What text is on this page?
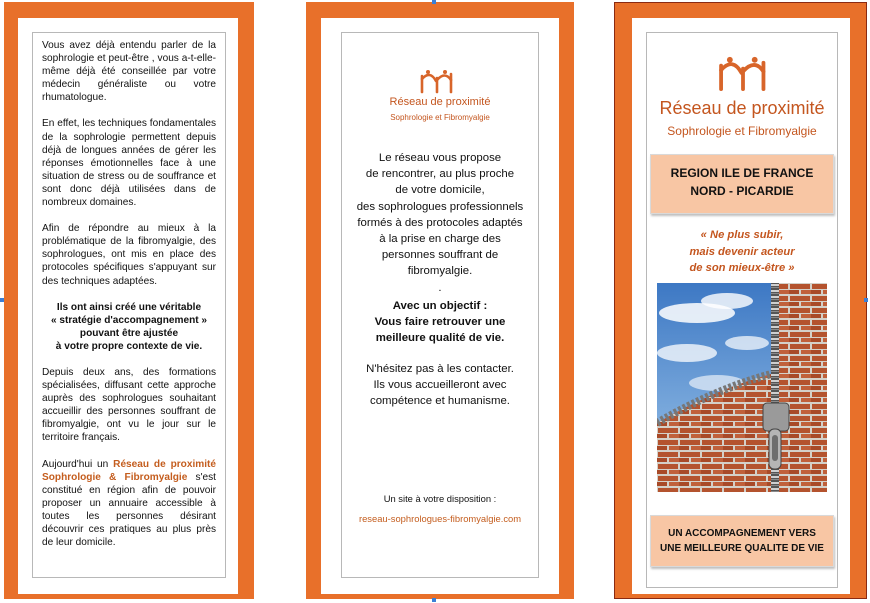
Vous avez déjà entendu parler de la sophrologie et peut-être , vous a-t-elle-même déjà été conseillée par votre médecin généraliste ou votre rhumatologue.

En effet, les techniques fondamentales de la sophrologie permettent depuis déjà de longues années de gérer les réponses émotionnelles face à une situation de stress ou de souffrance et sont donc déjà utilisées dans de nombreux domaines.

Afin de répondre au mieux à la problématique de la fibromyalgie, des sophrologues, ont mis en place des protocoles spécifiques s'appuyant sur des techniques adaptées.

Ils ont ainsi créé une véritable
« stratégie d'accompagnement »
pouvant être ajustée
à votre propre contexte de vie.

Depuis deux ans, des formations spécialisées, diffusant cette approche auprès des sophrologues souhaitant accueillir des personnes souffrant de fibromyalgie, ont vu le jour sur le territoire français.

Aujourd'hui un Réseau de proximité Sophrologie & Fibromyalgie s'est constitué en région afin de pouvoir proposer un annuaire accessible à toutes les personnes désirant découvrir ces pratiques au plus près de leur domicile.

Réseau de proximité
Sophrologie et Fibromyalgie
Le réseau vous propose
de rencontrer, au plus proche
de votre domicile,
des sophrologues professionnels
formés à des protocoles adaptés
à la prise en charge des
personnes souffrant de
fibromyalgie.
.
Avec un objectif :
Vous faire retrouver une
meilleure qualité de vie.
N'hésitez pas à les contacter.
Ils vous accueilleront avec
compétence et humanisme.
Un site à votre disposition :
reseau-sophrologues-fibromyalgie.com
Réseau de proximité
Sophrologie et Fibromyalgie
REGION ILE DE FRANCE
NORD - PICARDIE
« Ne plus subir,
mais devenir acteur
de son mieux-être »
UN ACCOMPAGNEMENT VERS
UNE MEILLEURE QUALITE DE VIE
